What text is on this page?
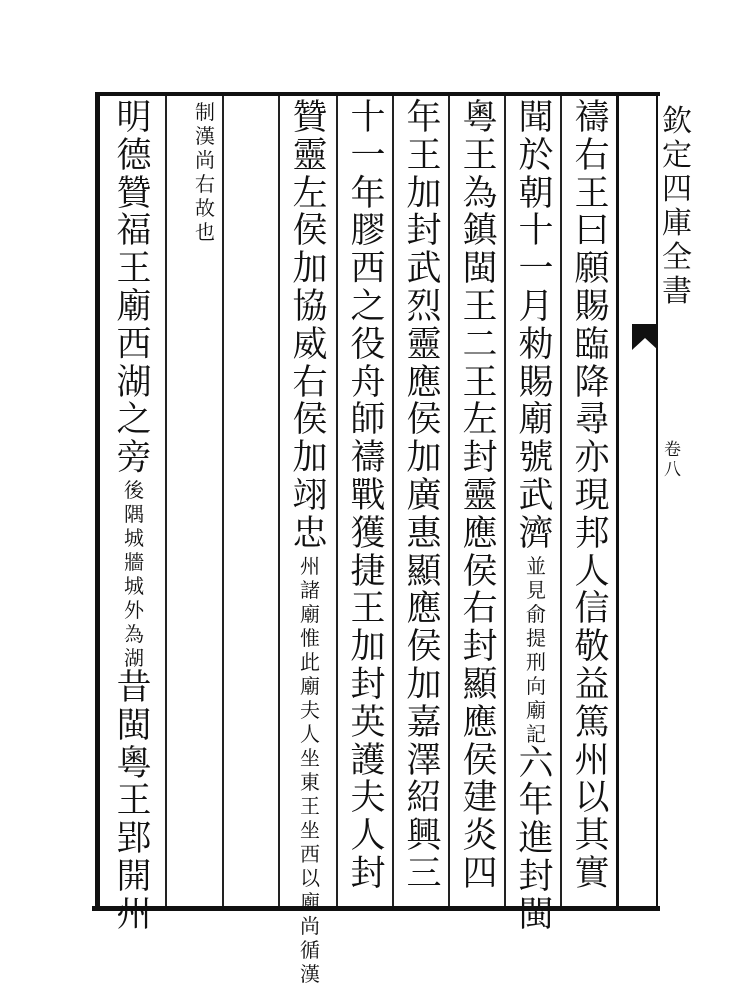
欽
定
四
庫
全
書
卷
八
禱
右
王
曰
願
賜
臨
降
尋
亦
現
邦
人
信
敬
益
篤
州
以
其
實
聞
於
朝
十
一
月
勑
賜
廟
號
武
濟
並
見
俞
提
刑
向
廟
記
六
年
進
封
閩
粵
王
為
鎮
閩
王
二
王
左
封
靈
應
侯
右
封
顯
應
侯
建
炎
四
年
王
加
封
武
烈
靈
應
侯
加
廣
惠
顯
應
侯
加
嘉
澤
紹
興
三
十
一
年
膠
西
之
役
舟
師
禱
戰
獲
捷
王
加
封
英
護
夫
人
封
贊
靈
左
侯
加
協
威
右
侯
加
翊
忠
州
諸
廟
惟
此
廟
夫
人
坐
東
王
坐
西
以
廟
尚
循
漢
制
漢
尚
右
故
也
明
德
贊
福
王
廟
西
湖
之
旁
後
隅
城
牆
城
外
為
湖
昔
閩
粵
王
郢
開
州
